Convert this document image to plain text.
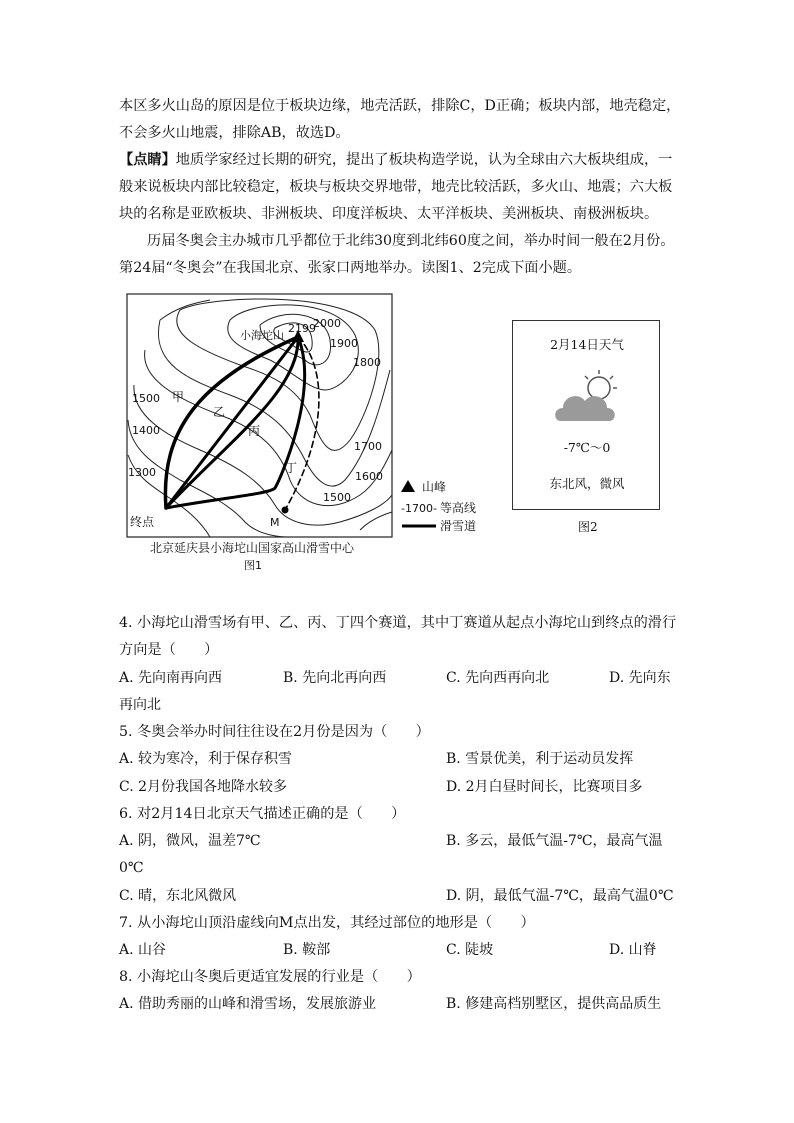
本区多火山岛的原因是位于板块边缘，地壳活跃，排除C，D正确；板块内部，地壳稳定，
不会多火山地震，排除AB，故选D。
【点睛】地质学家经过长期的研究，提出了板块构造学说，认为全球由六大板块组成，一
般来说板块内部比较稳定，板块与板块交界地带，地壳比较活跃，多火山、地震；六大板
块的名称是亚欧板块、非洲板块、印度洋板块、太平洋板块、美洲板块、南极洲板块。
历届冬奥会主办城市几乎都位于北纬30度到北纬60度之间，举办时间一般在2月份。
第24届“冬奥会”在我国北京、张家口两地举办。读图1、2完成下面小题。
小海坨山
2199
2000
1900
1800
1700
1600
1500
1500
1400
1300
甲
乙
丙
丁
终点	M
北京延庆县小海坨山国家高山滑雪中心
图1
山峰
-1700- 等高线
滑雪道
2月14日天气
-7℃～0
东北风，微风
图2
4. 小海坨山滑雪场有甲、乙、丙、丁四个赛道，其中丁赛道从起点小海坨山到终点的滑行
方向是（　　）
A. 先向南再向西	B. 先向北再向西	C. 先向西再向北	D. 先向东
再向北
5. 冬奥会举办时间往往设在2月份是因为（　　）
A. 较为寒冷，利于保存积雪	B. 雪景优美，利于运动员发挥
C. 2月份我国各地降水较多	D. 2月白昼时间长，比赛项目多
6. 对2月14日北京天气描述正确的是（　　）
A. 阴，微风，温差7℃	B. 多云，最低气温-7℃，最高气温
0℃
C. 晴，东北风微风	D. 阴，最低气温-7℃，最高气温0℃
7. 从小海坨山顶沿虚线向M点出发，其经过部位的地形是（　　）
A. 山谷	B. 鞍部	C. 陡坡	D. 山脊
8. 小海坨山冬奥后更适宜发展的行业是（　　）
A. 借助秀丽的山峰和滑雪场，发展旅游业	B. 修建高档别墅区，提供高品质生
